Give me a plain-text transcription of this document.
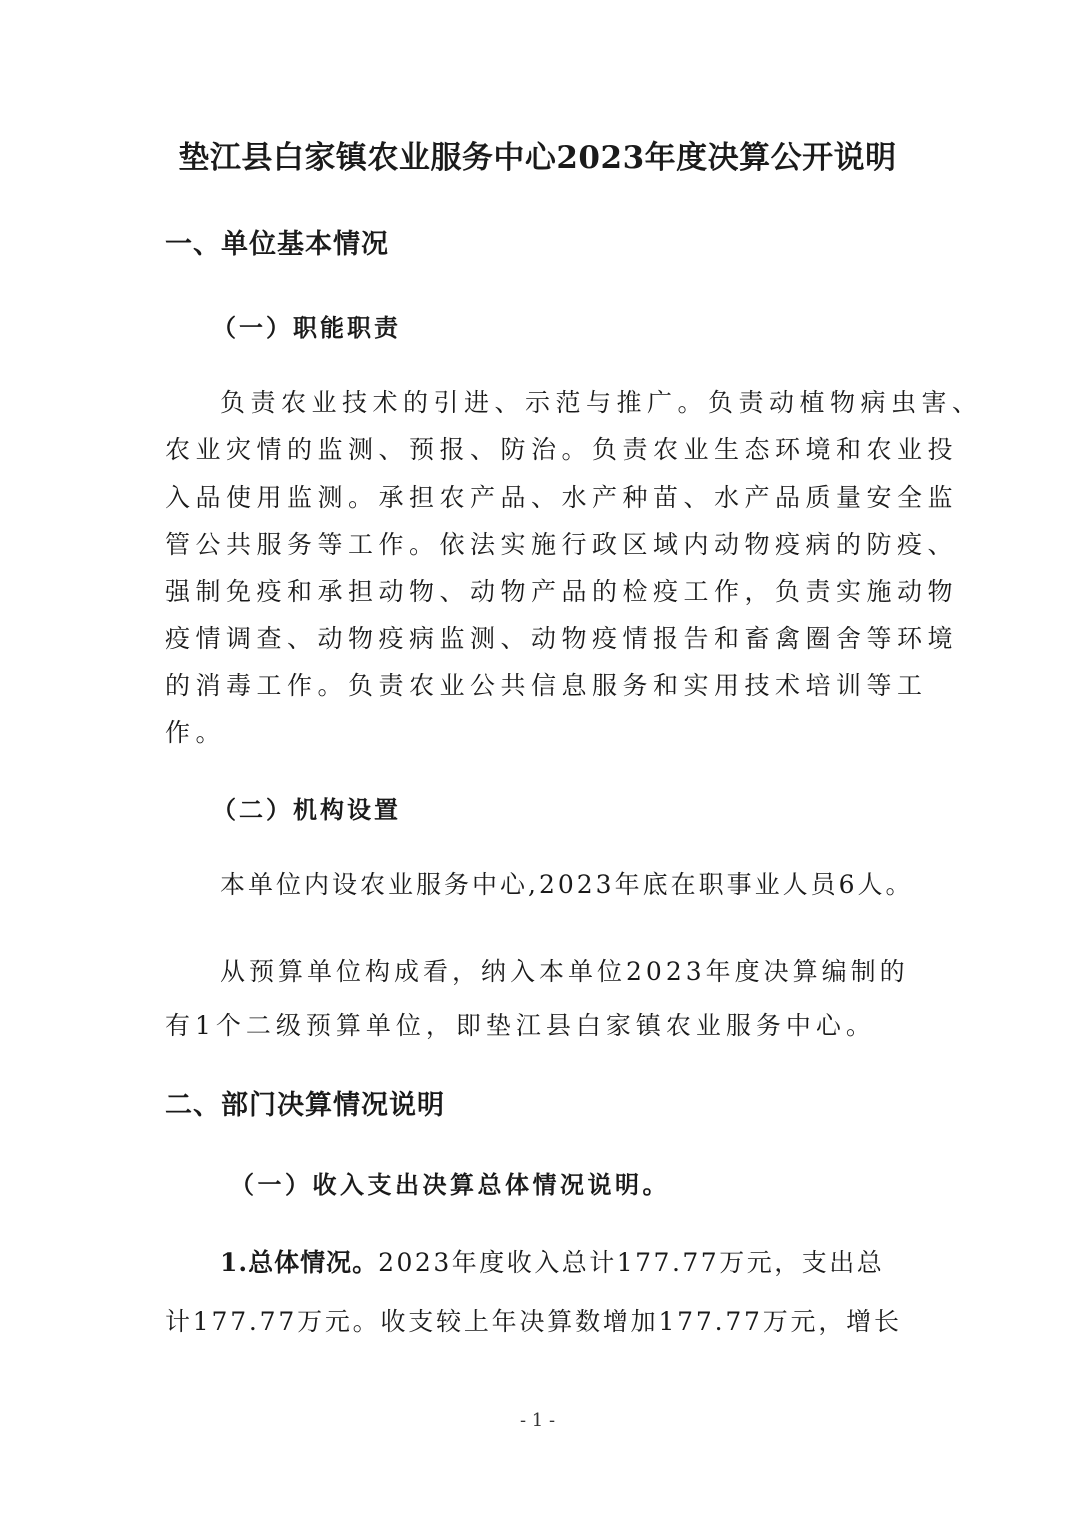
垫江县白家镇农业服务中心2023年度决算公开说明
一、单位基本情况
（一）职能职责
负责农业技术的引进、示范与推广。负责动植物病虫害、
农业灾情的监测、预报、防治。负责农业生态环境和农业投
入品使用监测。承担农产品、水产种苗、水产品质量安全监
管公共服务等工作。依法实施行政区域内动物疫病的防疫、
强制免疫和承担动物、动物产品的检疫工作，负责实施动物
疫情调查、动物疫病监测、动物疫情报告和畜禽圈舍等环境
的消毒工作。负责农业公共信息服务和实用技术培训等工
作。
（二）机构设置
本单位内设农业服务中心,2023年底在职事业人员6人。
从预算单位构成看，纳入本单位2023年度决算编制的
有1个二级预算单位，即垫江县白家镇农业服务中心。
二、部门决算情况说明
（一）收入支出决算总体情况说明。
1.总体情况。2023年度收入总计177.77万元，支出总
计177.77万元。收支较上年决算数增加177.77万元，增长
- 1 -
